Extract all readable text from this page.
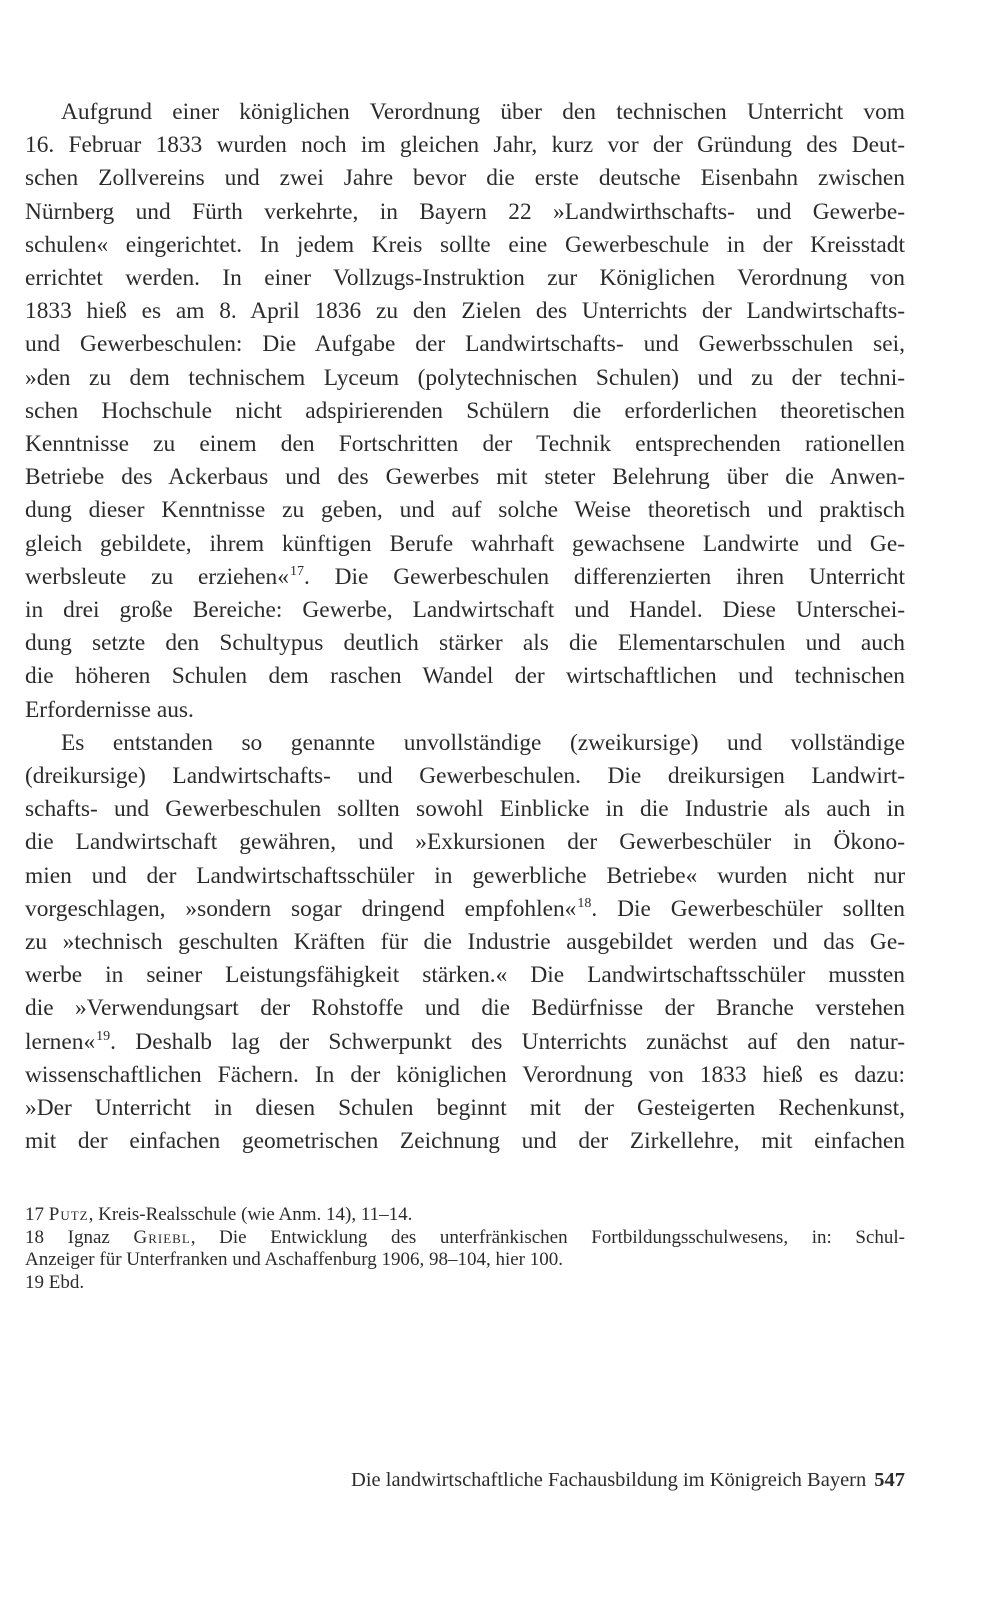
Aufgrund einer königlichen Verordnung über den technischen Unterricht vom
16. Februar 1833 wurden noch im gleichen Jahr, kurz vor der Gründung des Deut-
schen Zollvereins und zwei Jahre bevor die erste deutsche Eisenbahn zwischen
Nürnberg und Fürth verkehrte, in Bayern 22 »Landwirthschafts- und Gewerbe-
schulen« eingerichtet. In jedem Kreis sollte eine Gewerbeschule in der Kreisstadt
errichtet werden. In einer Vollzugs-Instruktion zur Königlichen Verordnung von
1833 hieß es am 8. April 1836 zu den Zielen des Unterrichts der Landwirtschafts-
und Gewerbeschulen: Die Aufgabe der Landwirtschafts- und Gewerbsschulen sei,
»den zu dem technischem Lyceum (polytechnischen Schulen) und zu der techni-
schen Hochschule nicht adspirierenden Schülern die erforderlichen theoretischen
Kenntnisse zu einem den Fortschritten der Technik entsprechenden rationellen
Betriebe des Ackerbaus und des Gewerbes mit steter Belehrung über die Anwen-
dung dieser Kenntnisse zu geben, und auf solche Weise theoretisch und praktisch
gleich gebildete, ihrem künftigen Berufe wahrhaft gewachsene Landwirte und Ge-
werbsleute zu erziehen«$^{17}$. Die Gewerbeschulen differenzierten ihren Unterricht
in drei große Bereiche: Gewerbe, Landwirtschaft und Handel. Diese Unterschei-
dung setzte den Schultypus deutlich stärker als die Elementarschulen und auch
die höheren Schulen dem raschen Wandel der wirtschaftlichen und technischen
Erfordernisse aus.

Es entstanden so genannte unvollständige (zweikursige) und vollständige
(dreikursige) Landwirtschafts- und Gewerbeschulen. Die dreikursigen Landwirt-
schafts- und Gewerbeschulen sollten sowohl Einblicke in die Industrie als auch in
die Landwirtschaft gewähren, und »Exkursionen der Gewerbeschüler in Ökono-
mien und der Landwirtschaftsschüler in gewerbliche Betriebe« wurden nicht nur
vorgeschlagen, »sondern sogar dringend empfohlen«$^{18}$. Die Gewerbeschüler sollten
zu »technisch geschulten Kräften für die Industrie ausgebildet werden und das Ge-
werbe in seiner Leistungsfähigkeit stärken.« Die Landwirtschaftsschüler mussten
die »Verwendungsart der Rohstoffe und die Bedürfnisse der Branche verstehen
lernen«$^{19}$. Deshalb lag der Schwerpunkt des Unterrichts zunächst auf den natur-
wissenschaftlichen Fächern. In der königlichen Verordnung von 1833 hieß es dazu:
»Der Unterricht in diesen Schulen beginnt mit der Gesteigerten Rechenkunst,
mit der einfachen geometrischen Zeichnung und der Zirkellehre, mit einfachen

17 Putz, Kreis-Realsschule (wie Anm. 14), 11–14.
18 Ignaz Griebl, Die Entwicklung des unterfränkischen Fortbildungsschulwesens, in: Schul-
Anzeiger für Unterfranken und Aschaffenburg 1906, 98–104, hier 100.
19 Ebd.
Die landwirtschaftliche Fachausbildung im Königreich Bayern 547
